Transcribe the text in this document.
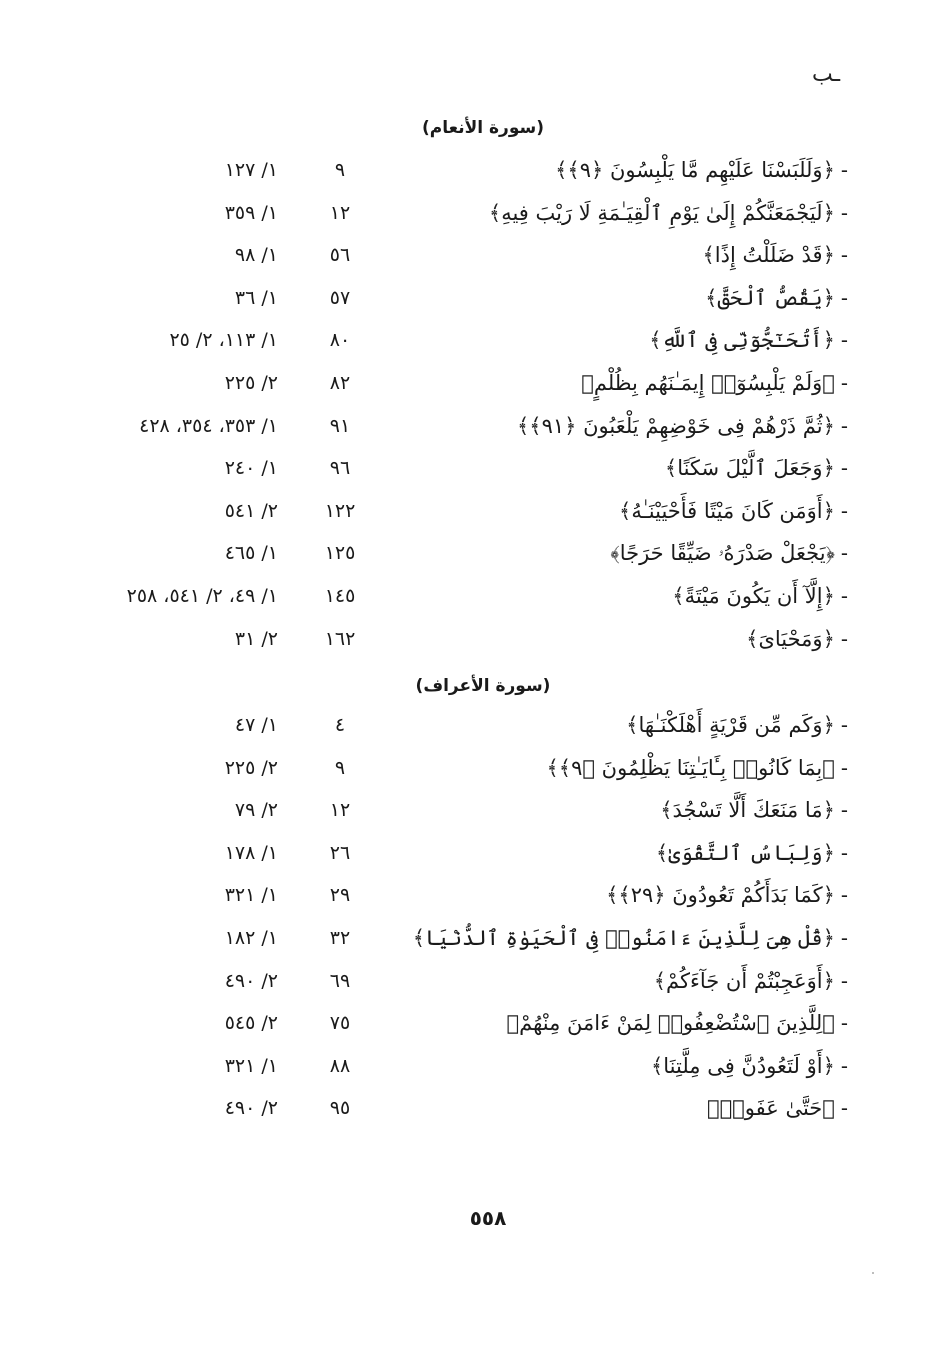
ـب
(سورة الأنعام)
-﴿وَلَلَبَسْنَا عَلَيْهِم مَّا يَلْبِسُونَ ﴿٩﴾﴾
٩
١/ ١٢٧
-﴿لَيَجْمَعَنَّكُمْ إِلَىٰ يَوْمِ ٱلْقِيَـٰمَةِ لَا رَيْبَ فِيهِ﴾
١٢
١/ ٣٥٩
-﴿قَدْ ضَلَلْتُ إِذًا﴾
٥٦
١/ ٩٨
-﴿يَقُصُّ ٱلْحَقَّ﴾
٥٧
١/ ٣٦
-﴿أَتُحَـٰٓجُّوٓنِّى فِى ٱللَّهِ﴾
٨٠
١/ ١١٣، ٢/ ٢٥
-﴿وَلَمْ يَلْبِسُوٓا۟ إِيمَـٰنَهُم بِظُلْمٍ﴾
٨٢
٢/ ٢٢٥
-﴿ثُمَّ ذَرْهُمْ فِى خَوْضِهِمْ يَلْعَبُونَ ﴿٩١﴾﴾
٩١
١/ ٣٥٣، ٣٥٤، ٤٢٨
-﴿وَجَعَلَ ٱلَّيْلَ سَكَنًا﴾
٩٦
١/ ٢٤٠
-﴿أَوَمَن كَانَ مَيْتًا فَأَحْيَيْنَـٰهُ﴾
١٢٢
٢/ ٥٤١
-﴿يَجْعَلْ صَدْرَهُۥ ضَيِّقًا حَرَجًا﴾
١٢٥
١/ ٤٦٥
-﴿إِلَّآ أَن يَكُونَ مَيْتَةً﴾
١٤٥
١/ ٤٩، ٢/ ٥٤١، ٢٥٨
-﴿وَمَحْيَاىَ﴾
١٦٢
٢/ ٣١
(سورة الأعراف)
-﴿وَكَم مِّن قَرْيَةٍ أَهْلَكْنَـٰهَا﴾
٤
١/ ٤٧
-﴿بِمَا كَانُوا۟ بِـَٔايَـٰتِنَا يَظْلِمُونَ ﴿٩﴾﴾
٩
٢/ ٢٢٥
-﴿مَا مَنَعَكَ أَلَّا تَسْجُدَ﴾
١٢
٢/ ٧٩
-﴿وَلِبَاسُ ٱلتَّقْوَىٰ﴾
٢٦
١/ ١٧٨
-﴿كَمَا بَدَأَكُمْ تَعُودُونَ ﴿٢٩﴾﴾
٢٩
١/ ٣٢١
-﴿قُلْ هِىَ لِلَّذِينَ ءَامَنُوا۟ فِى ٱلْحَيَوٰةِ ٱلدُّنْيَا﴾
٣٢
١/ ١٨٢
-﴿أَوَعَجِبْتُمْ أَن جَآءَكُمْ﴾
٦٩
٢/ ٤٩٠
-﴿لِلَّذِينَ ٱسْتُضْعِفُوا۟ لِمَنْ ءَامَنَ مِنْهُمْ﴾
٧٥
٢/ ٥٤٥
-﴿أَوْ لَتَعُودُنَّ فِى مِلَّتِنَا﴾
٨٨
١/ ٣٢١
-﴿حَتَّىٰ عَفَوا۟﴾
٩٥
٢/ ٤٩٠
٥٥٨
